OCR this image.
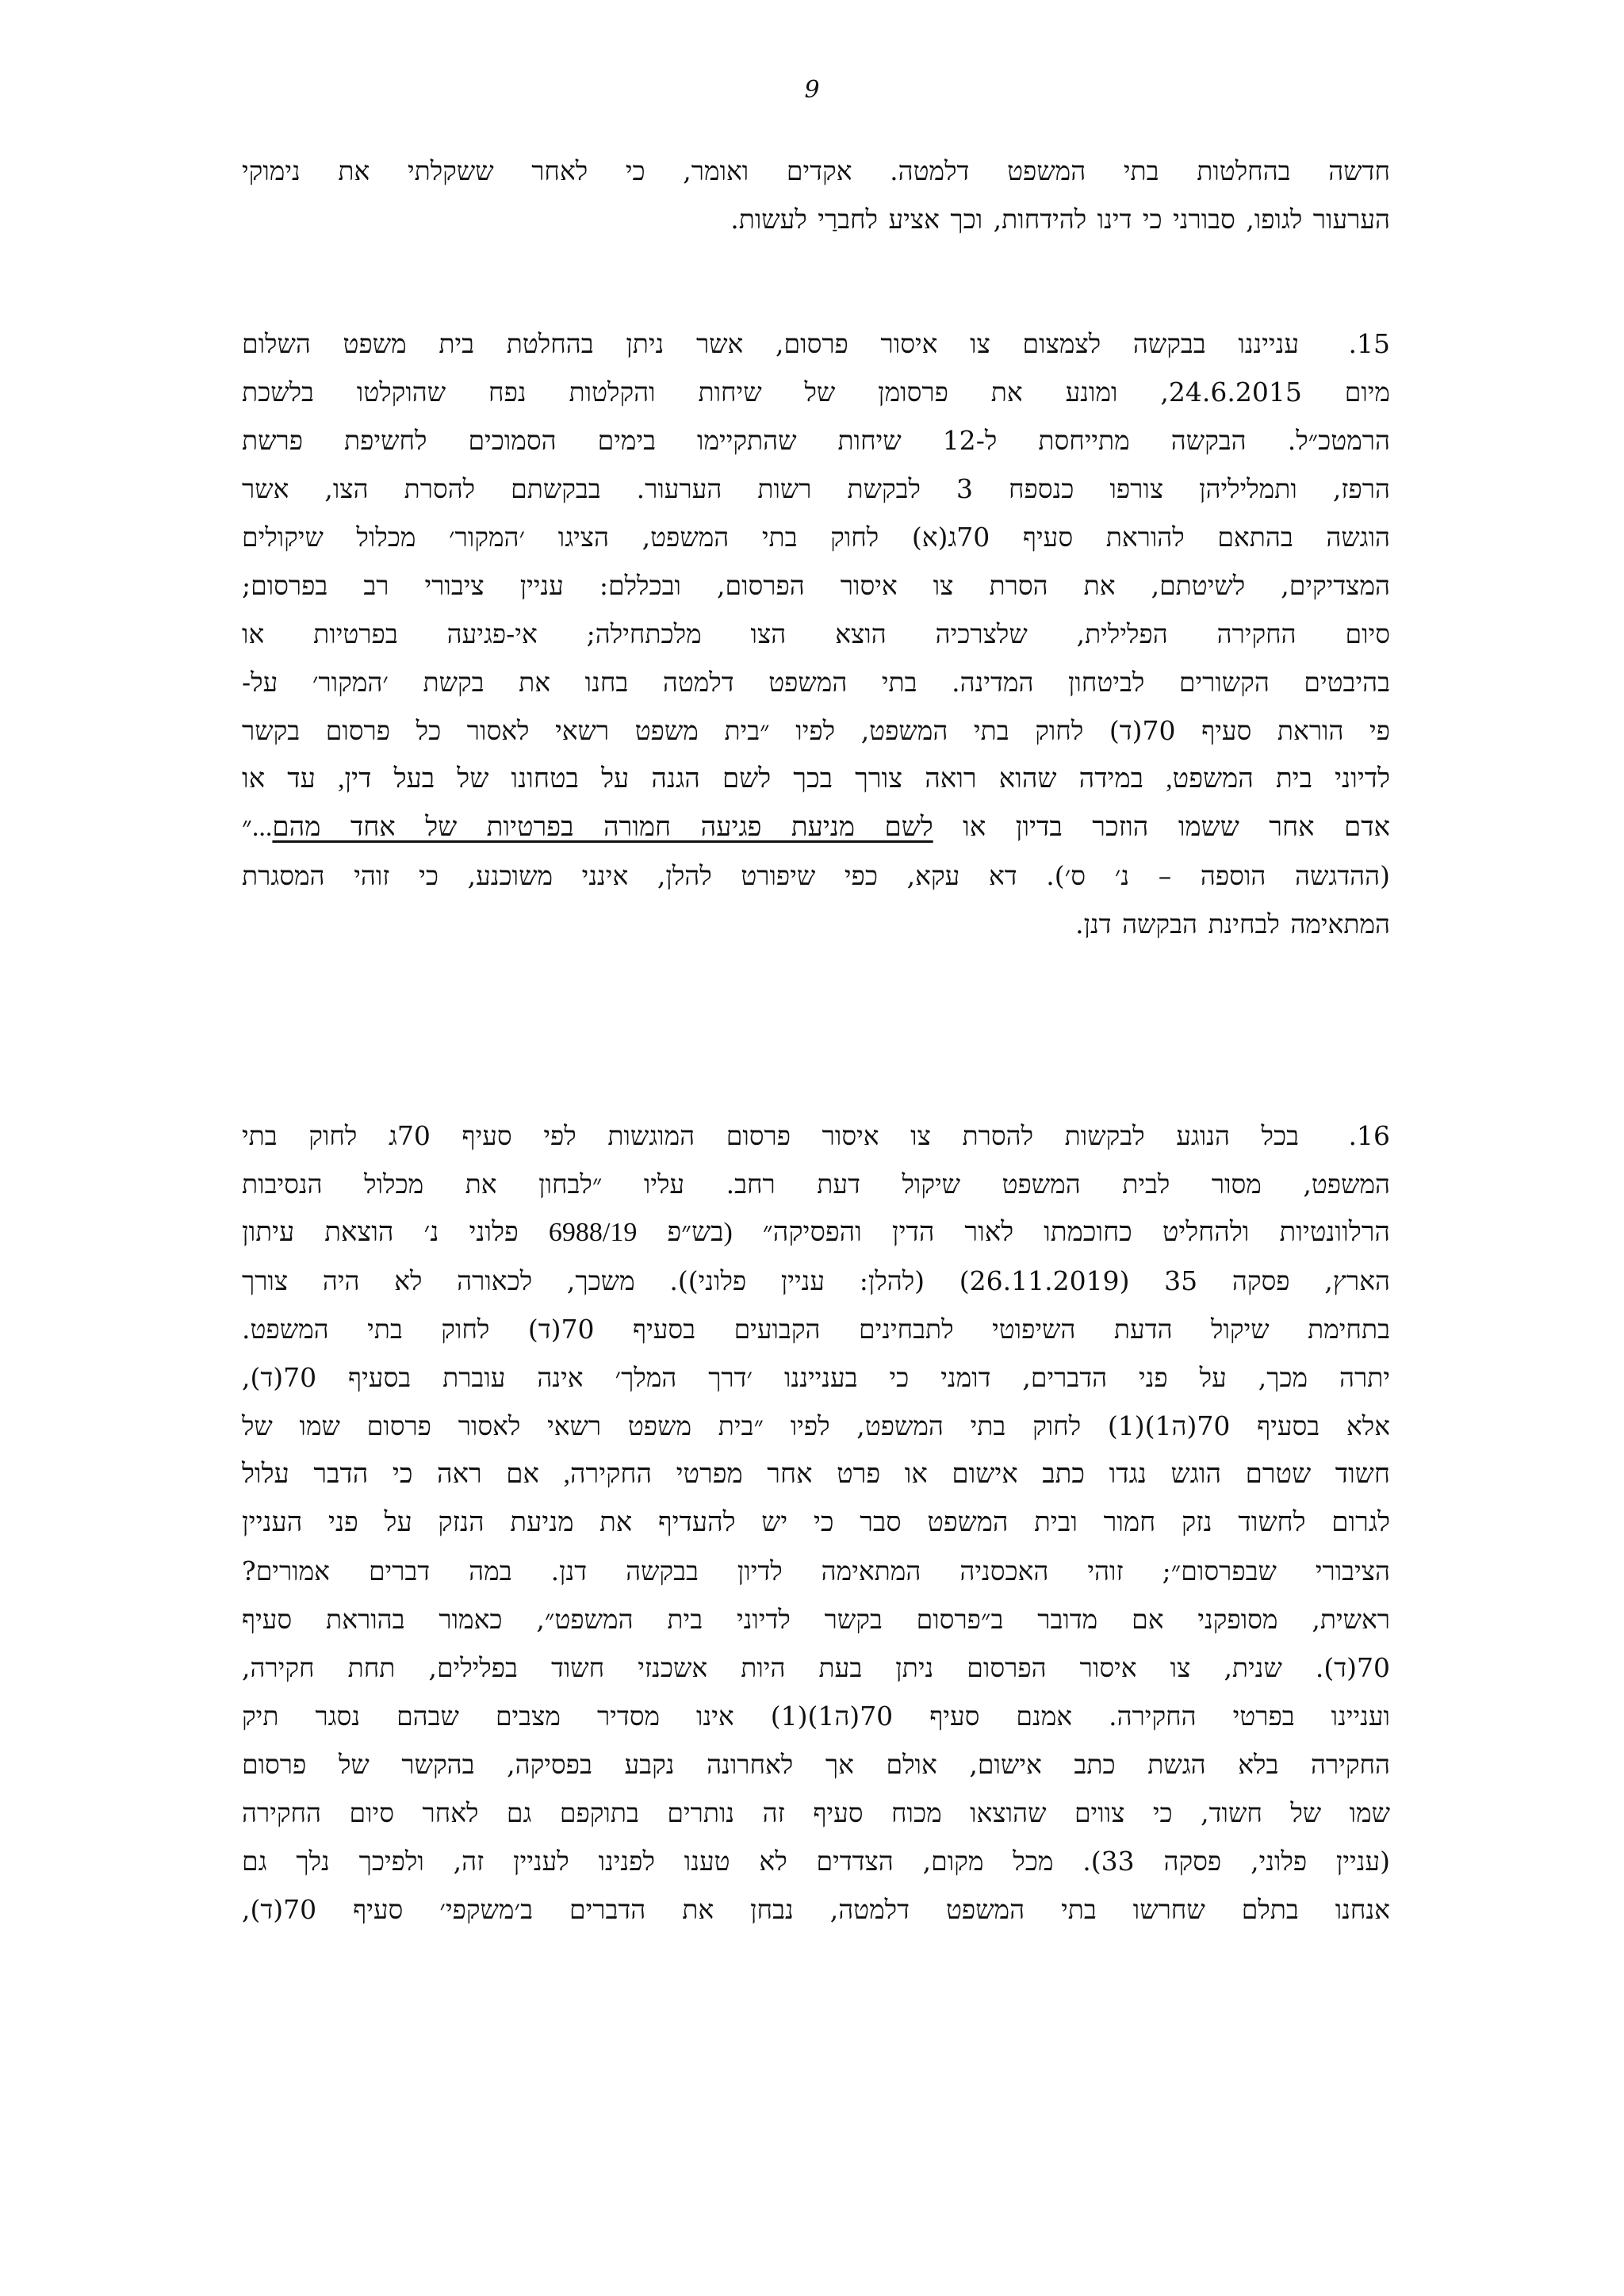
9
חדשה בהחלטות בתי המשפט דלמטה. אקדים ואומר, כי לאחר ששקלתי את נימוקי
הערעור לגופו, סבורני כי דינו להידחות, וכך אציע לחברַי לעשות.
15.ענייננו בבקשה לצמצום צו איסור פרסום, אשר ניתן בהחלטת בית משפט השלום
מיום 24.6.2015, ומונע את פרסומן של שיחות והקלטות נפח שהוקלטו בלשכת
הרמטכ״ל. הבקשה מתייחסת ל-12 שיחות שהתקיימו בימים הסמוכים לחשיפת פרשת
הרפז, ותמליליהן צורפו כנספח 3 לבקשת רשות הערעור. בבקשתם להסרת הצו, אשר
הוגשה בהתאם להוראת סעיף 70ג(א) לחוק בתי המשפט, הציגו ׳המקור׳ מכלול שיקולים
המצדיקים, לשיטתם, את הסרת צו איסור הפרסום, ובכללם: עניין ציבורי רב בפרסום;
סיום החקירה הפלילית, שלצרכיה הוצא הצו מלכתחילה; אי-פגיעה בפרטיות או
בהיבטים הקשורים לביטחון המדינה. בתי המשפט דלמטה בחנו את בקשת ׳המקור׳ על-
פי הוראת סעיף 70(ד) לחוק בתי המשפט, לפיו ״בית משפט רשאי לאסור כל פרסום בקשר
לדיוני בית המשפט, במידה שהוא רואה צורך בכך לשם הגנה על בטחונו של בעל דין, עד או
אדם אחר ששמו הוזכר בדיון או לשם מניעת פגיעה חמורה בפרטיות של אחד מהם...״
(ההדגשה הוספה – נ׳ ס׳). דא עקא, כפי שיפורט להלן, אינני משוכנע, כי זוהי המסגרת
המתאימה לבחינת הבקשה דנן.
16.בכל הנוגע לבקשות להסרת צו איסור פרסום המוגשות לפי סעיף 70ג לחוק בתי
המשפט, מסור לבית המשפט שיקול דעת רחב. עליו ״לבחון את מכלול הנסיבות
הרלוונטיות ולהחליט כחוכמתו לאור הדין והפסיקה״ (בש״פ 6988/19 פלוני נ׳ הוצאת עיתון
הארץ, פסקה 35 (26.11.2019) (להלן: עניין פלוני)). משכך, לכאורה לא היה צורך
בתחימת שיקול הדעת השיפוטי לתבחינים הקבועים בסעיף 70(ד) לחוק בתי המשפט.
יתרה מכך, על פני הדברים, דומני כי בענייננו ׳דרך המלך׳ אינה עוברת בסעיף 70(ד),
אלא בסעיף 70(ה1)(1) לחוק בתי המשפט, לפיו ״בית משפט רשאי לאסור פרסום שמו של
חשוד שטרם הוגש נגדו כתב אישום או פרט אחר מפרטי החקירה, אם ראה כי הדבר עלול
לגרום לחשוד נזק חמור ובית המשפט סבר כי יש להעדיף את מניעת הנזק על פני העניין
הציבורי שבפרסום״; זוהי האכסניה המתאימה לדיון בבקשה דנן. במה דברים אמורים?
ראשית, מסופקני אם מדובר ב״פרסום בקשר לדיוני בית המשפט״, כאמור בהוראת סעיף
70(ד). שנית, צו איסור הפרסום ניתן בעת היות אשכנזי חשוד בפלילים, תחת חקירה,
ועניינו בפרטי החקירה. אמנם סעיף 70(ה1)(1) אינו מסדיר מצבים שבהם נסגר תיק
החקירה בלא הגשת כתב אישום, אולם אך לאחרונה נקבע בפסיקה, בהקשר של פרסום
שמו של חשוד, כי צווים שהוצאו מכוח סעיף זה נותרים בתוקפם גם לאחר סיום החקירה
(עניין פלוני, פסקה 33). מכל מקום, הצדדים לא טענו לפנינו לעניין זה, ולפיכך נלך גם
אנחנו בתלם שחרשו בתי המשפט דלמטה, נבחן את הדברים ב׳משקפי׳ סעיף 70(ד),
